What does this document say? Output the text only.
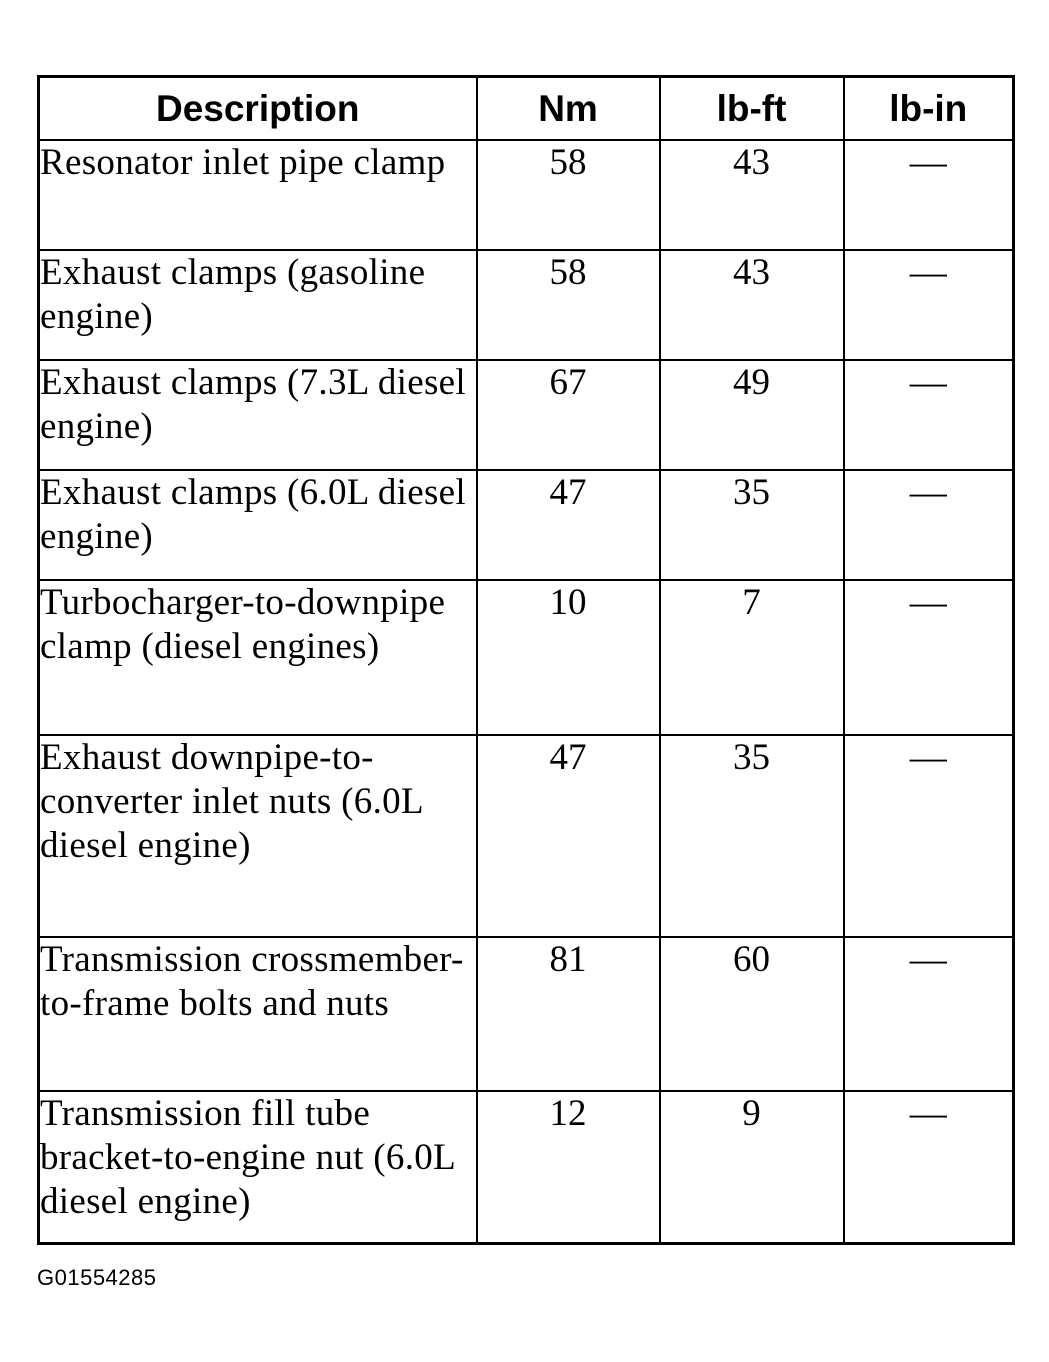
Description	Nm	lb-ft	lb-in
Resonator inlet pipe clamp	58	43	—
Exhaust clamps (gasoline engine)	58	43	—
Exhaust clamps (7.3L diesel engine)	67	49	—
Exhaust clamps (6.0L diesel engine)	47	35	—
Turbocharger-to-downpipe clamp (diesel engines)	10	7	—
Exhaust downpipe-to-converter inlet nuts (6.0L diesel engine)	47	35	—
Transmission crossmember-to-frame bolts and nuts	81	60	—
Transmission fill tube bracket-to-engine nut (6.0L diesel engine)	12	9	—
G01554285
